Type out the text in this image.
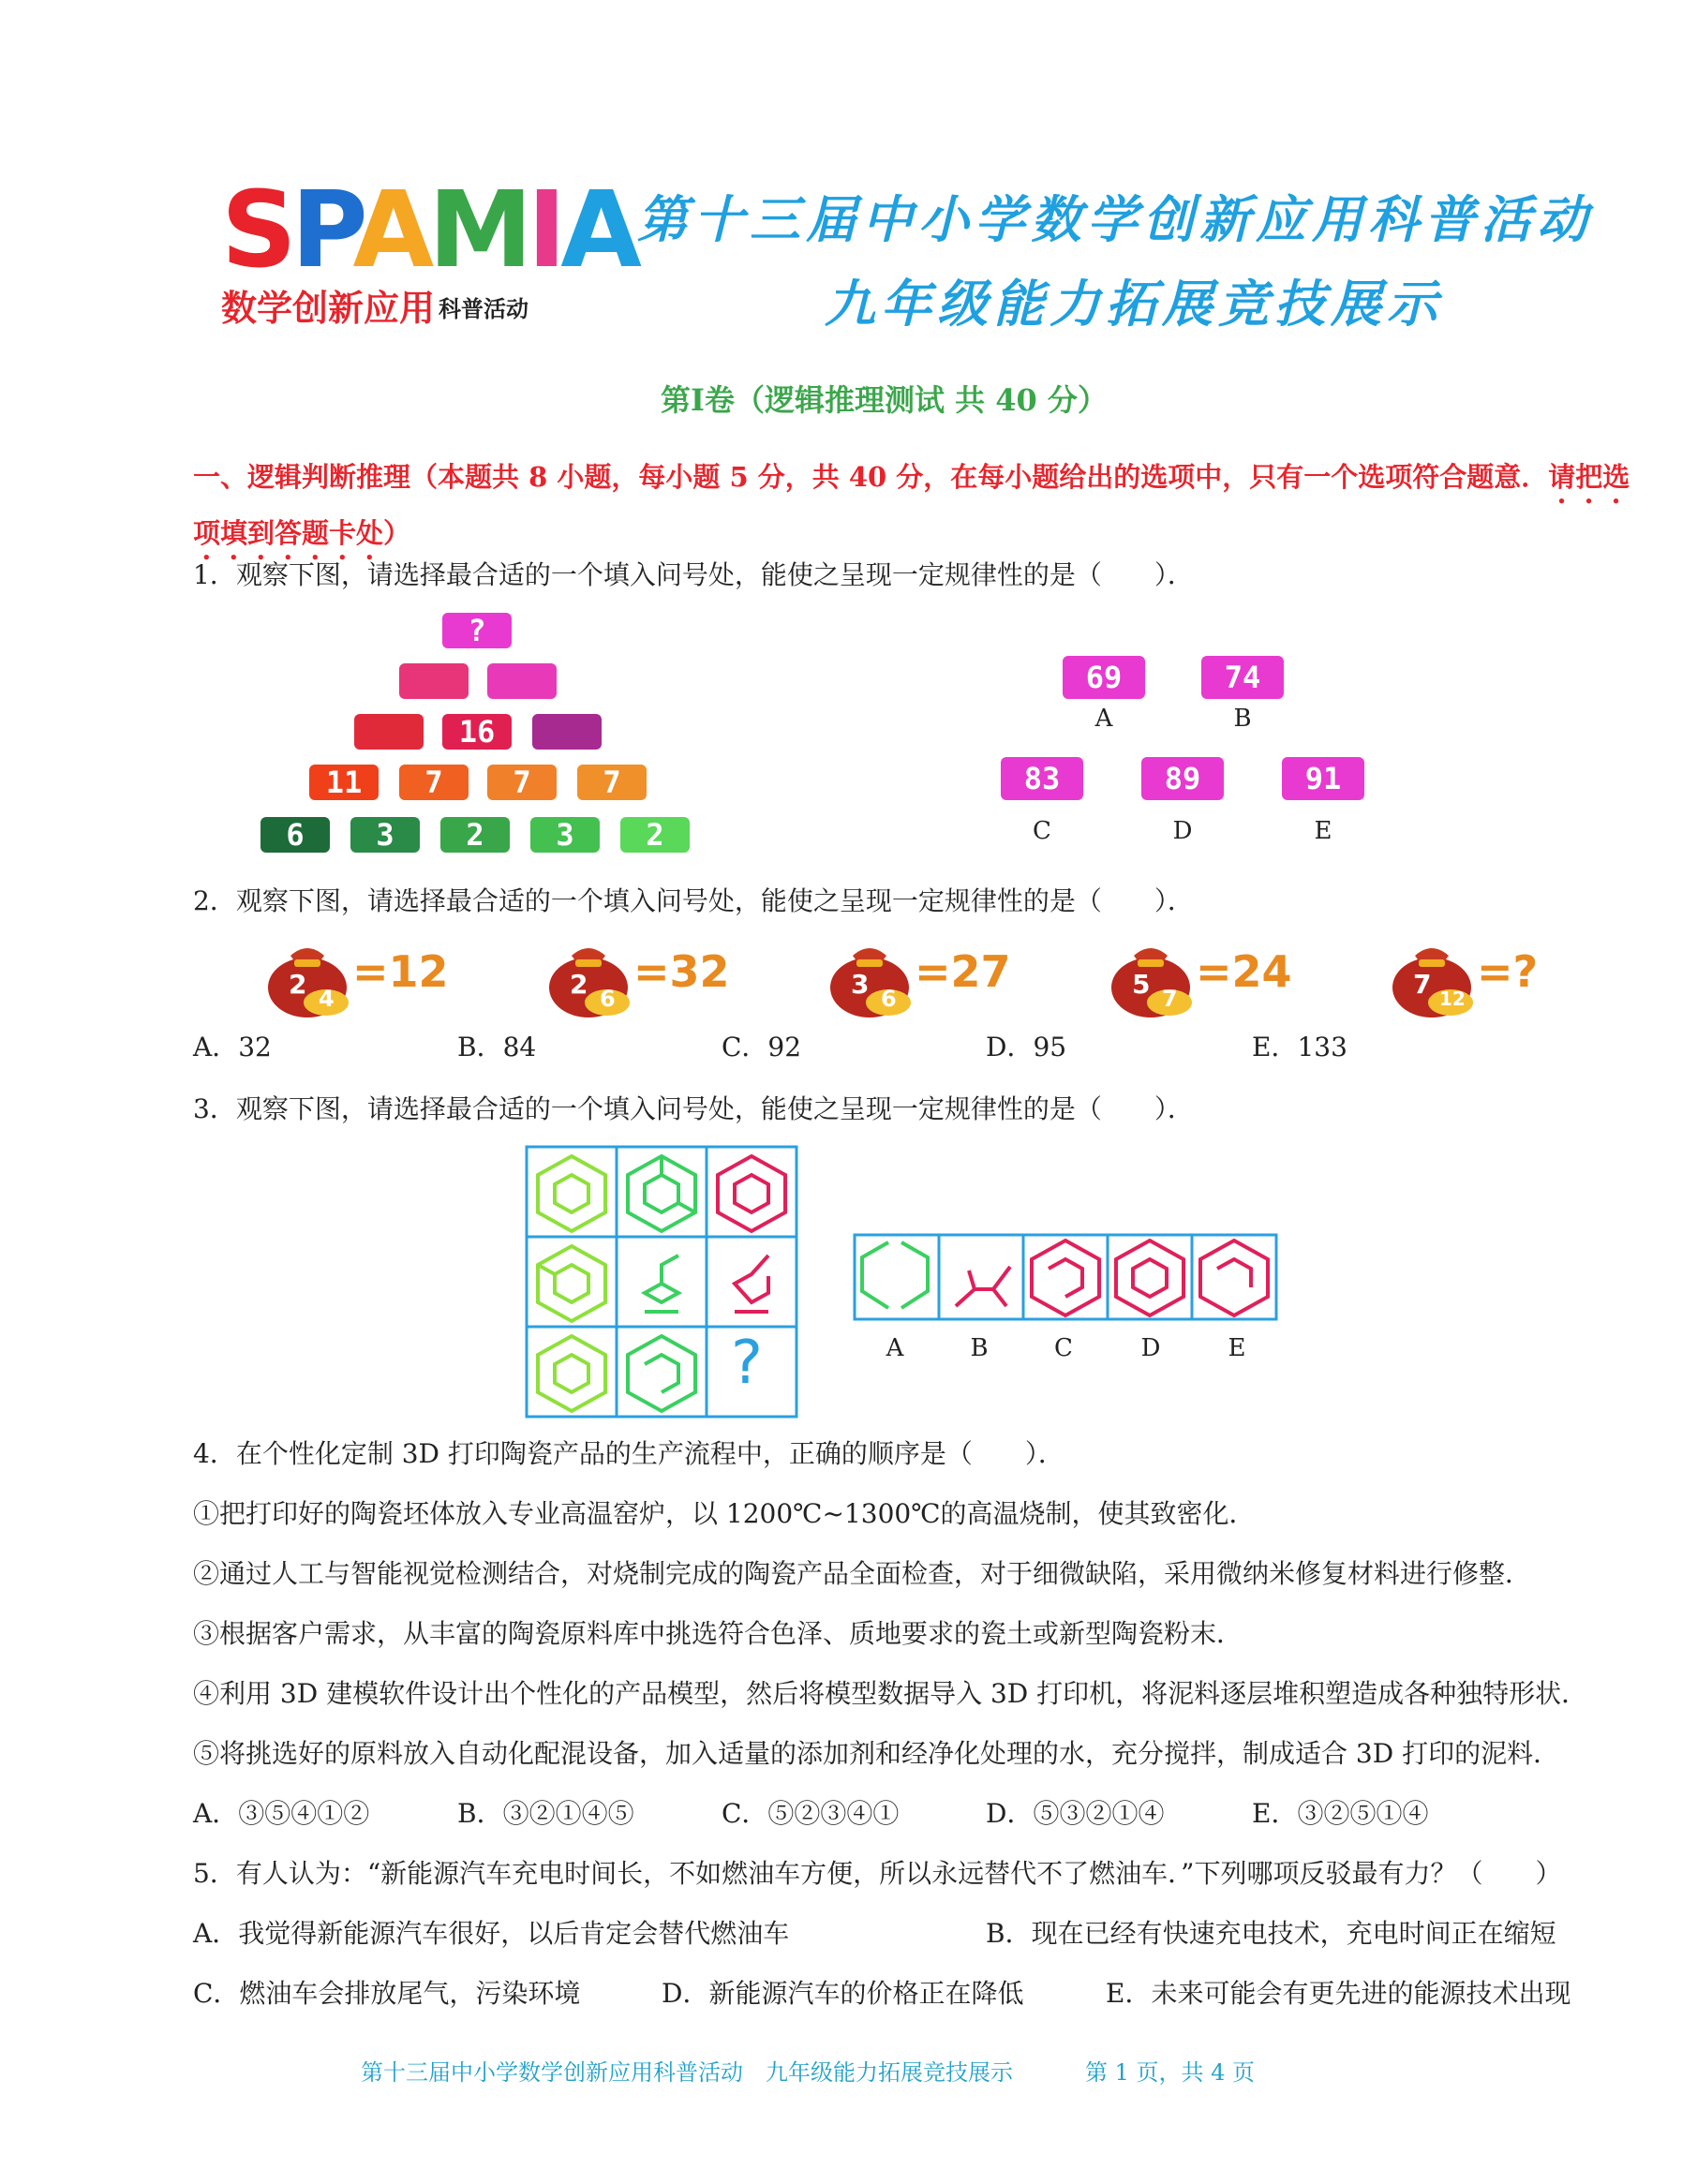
SPAMIA
数学创新应用 科普活动
第十三届中小学数学创新应用科普活动
九年级能力拓展竞技展示
第Ⅰ卷（逻辑推理测试 共 40 分）
一、逻辑判断推理（本题共 8 小题，每小题 5 分，共 40 分，在每小题给出的选项中，只有一个选项符合题意．请把选项填到答题卡处）
1．观察下图，请选择最合适的一个填入问号处，能使之呈现一定规律性的是（　　）．
?
16
11	7	7	7
6	3	2	3	2
69
A
74
B
83
C
89
D
91
E
2．观察下图，请选择最合适的一个填入问号处，能使之呈现一定规律性的是（　　）．
2 4
=12	2 6
=32	3 6
=27	5 7
=24	7 12
=?
A．32	B．84	C．92	D．95	E．133
3．观察下图，请选择最合适的一个填入问号处，能使之呈现一定规律性的是（　　）．
?	A	B	C	D	E
4．在个性化定制 3D 打印陶瓷产品的生产流程中，正确的顺序是（　　）．
①把打印好的陶瓷坯体放入专业高温窑炉，以 1200℃~1300℃的高温烧制，使其致密化．
②通过人工与智能视觉检测结合，对烧制完成的陶瓷产品全面检查，对于细微缺陷，采用微纳米修复材料进行修整．
③根据客户需求，从丰富的陶瓷原料库中挑选符合色泽、质地要求的瓷土或新型陶瓷粉末．
④利用 3D 建模软件设计出个性化的产品模型，然后将模型数据导入 3D 打印机，将泥料逐层堆积塑造成各种独特形状．
⑤将挑选好的原料放入自动化配混设备，加入适量的添加剂和经净化处理的水，充分搅拌，制成适合 3D 打印的泥料．
A．③⑤④①②	B．③②①④⑤	C．⑤②③④①	D．⑤③②①④	E．③②⑤①④
5．有人认为：“新能源汽车充电时间长，不如燃油车方便，所以永远替代不了燃油车．”下列哪项反驳最有力？（　　）
A．我觉得新能源汽车很好，以后肯定会替代燃油车	B．现在已经有快速充电技术，充电时间正在缩短
C．燃油车会排放尾气，污染环境	D．新能源汽车的价格正在降低	E．未来可能会有更先进的能源技术出现
第十三届中小学数学创新应用科普活动　九年级能力拓展竞技展示	第 1 页，共 4 页
